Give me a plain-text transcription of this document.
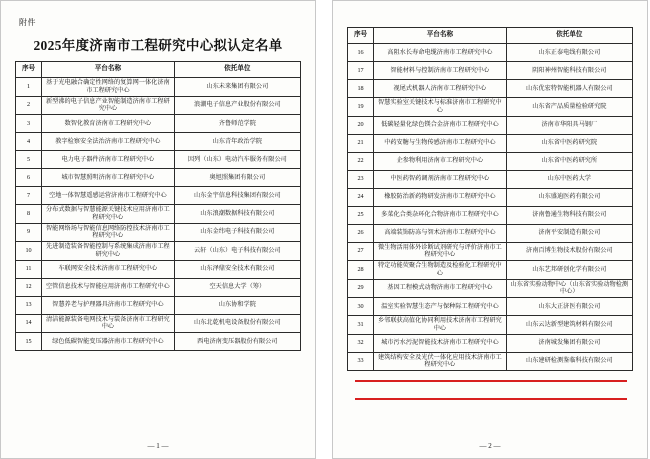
附件
2025年度济南市工程研究中心拟认定名单
序号	平台名称	依托单位
1	基于光电融合确定性网络的复算网一体化济南市工程研究中心	山东未来集团有限公司
2	新型沸的电子信息产业智能制造济南市工程研究中心	浪潮电子信息产业股份有限公司
3	数智化教育济南市工程研究中心	齐鲁师范学院
4	教字检察安全法治济南市工程研究中心	山东青年政治学院
5	电力电子器件济南市工程研究中心	因列（山东）电动汽车服务有限公司
6	城市智慧照明济南市工程研究中心	奥旭照集团有限公司
7	空地一体智慧遥感运营济南市工程研究中心	山东金宇信息科技集团有限公司
8	分布式数据与智慧能源关键技术应用济南市工程研究中心	山东浪潮数据科技有限公司
9	智能网络场与智能信息网络防控技术济南市工程研究中心	山东金纬电子科技有限公司
10	先进制造装备智能控制与系统集成济南市工程研究中心	云轩（山东）电子科技有限公司
11	车联网安全技术济南市工程研究中心	山东泽鼎安全技术有限公司
12	空管信息技术与智能应用济南市工程研究中心	空天信息大学（筹）
13	智慧养老与护理器具济南市工程研究中心	山东协和学院
14	清洁能源装备电网技术与装备济南市工程研究中心	山东北乾机电设备股份有限公司
15	绿色低碳智能变压器济南市工程研究中心	西电济南变压器股份有限公司
— 1 —
序号	平台名称	依托单位
16	高阻水长寿命电缆济南市工程研究中心	山东正泰电线有限公司
17	智能材料与控制济南市工程研究中心	阴阳神州智能科技有限公司
18	视尾式机器人济南市工程研究中心	山东优宏特智能机器人有限公司
19	智慧实验室关键技术与标准济南市工程研究中心	山东省产品质量检验研究院
20	低碳轻量化绿色镁合金济南市工程研究中心	济南市华阳具马钢厂
21	中药安糖与生物传感济南市工程研究中心	山东省中医药研究院
22	企参物利用济南市工程研究中心	山东省中医药研究所
23	中医药智药调剂济南市工程研究中心	山东中医药大学
24	橡胶防治新药物研发济南市工程研究中心	山东盛迪医药有限公司
25	多菜化合类杂环化合物济南市工程研究中心	济南鲁通生物科技有限公司
26	高端装饰防冻与智术济南市工程研究中心	济南平安制造有限公司
27	微生物活用体外诊断试剂研究与评价济南市工程研究中心	济南百博生物技术股份有限公司
28	特定功能荧聚合生物制造及检验化工程研究中心	山东艺邦研创化学有限公司
29	基因工程模式动物济南市工程研究中心	山东省实验动物中心（山东省实验动物检测中心）
30	温室实验智慧生态产与保种际工程研究中心	山东大正济医有限公司
31	乡邻联获高值化协同利用技术济南市工程研究中心	山东云达新型建筑材料有限公司
32	城市污水污泥智能技术济南市工程研究中心	济南城发集团有限公司
33	建筑结构安全及光伏一体化应用技术济南市工程研究中心	山东建研检测鉴临科技有限公司
— 2 —
